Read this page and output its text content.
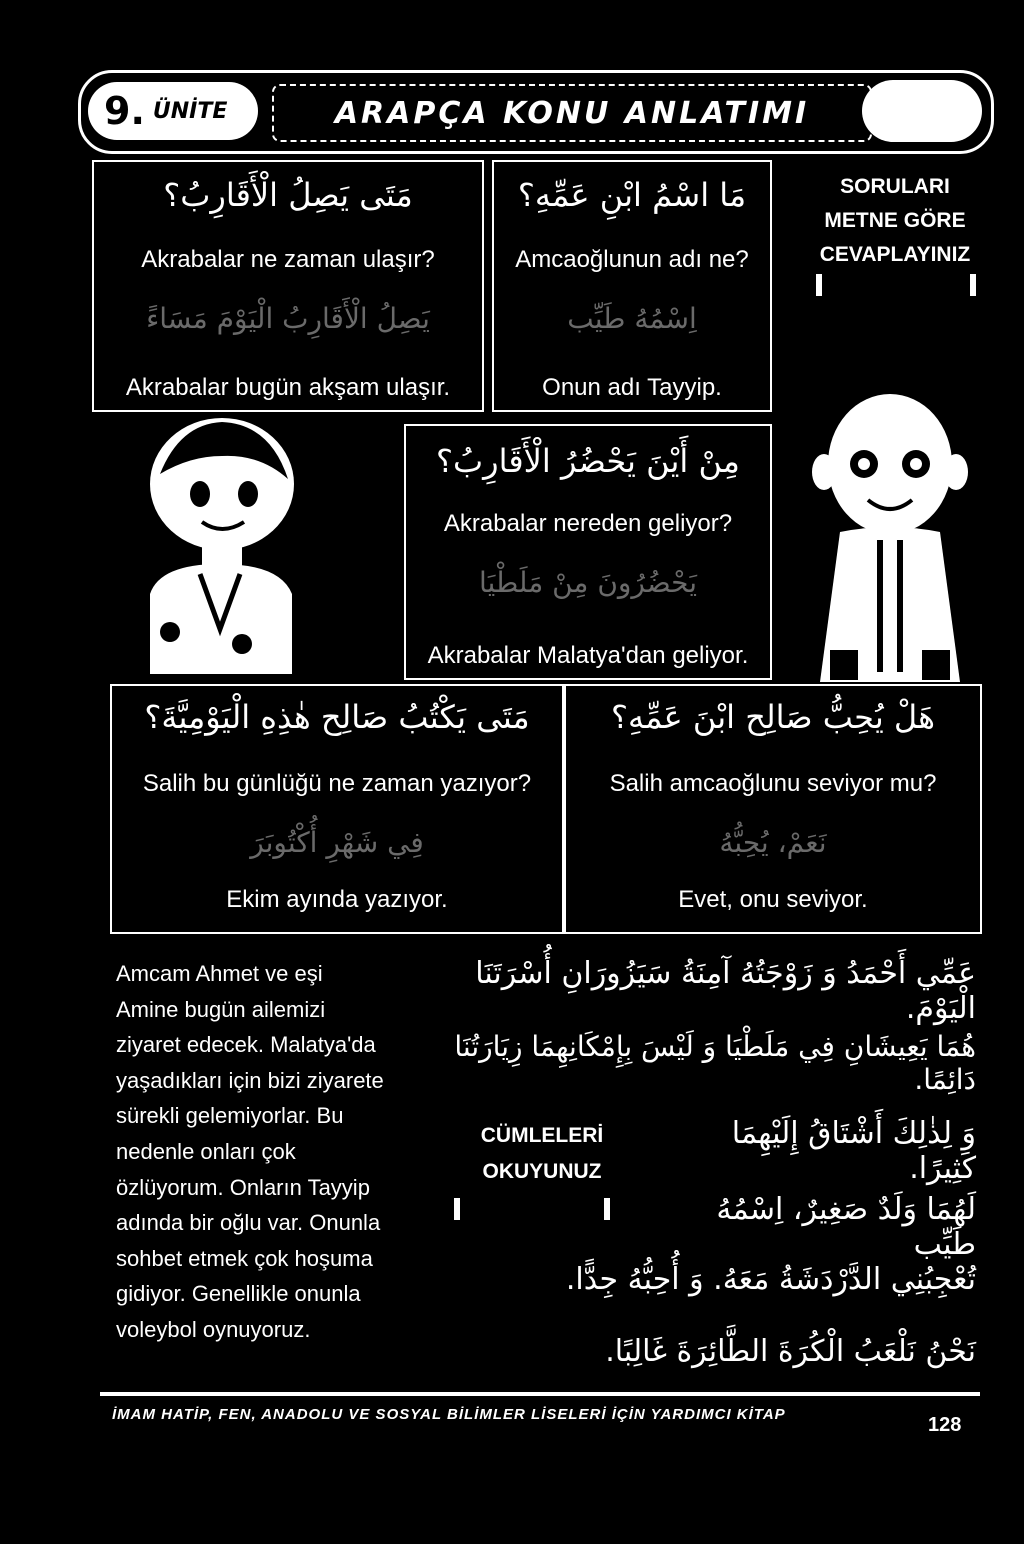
9. ÜNİTE	ARAPÇA KONU ANLATIMI
مَتَى يَصِلُ الْأَقَارِبُ؟
Akrabalar ne zaman ulaşır?
يَصِلُ الْأَقَارِبُ الْيَوْمَ مَسَاءً
Akrabalar bugün akşam ulaşır.
مَا اسْمُ ابْنِ عَمِّهِ؟
Amcaoğlunun adı ne?
اِسْمُهُ طَيِّب
Onun adı Tayyip.
SORULARI
METNE GÖRE
CEVAPLAYINIZ
مِنْ أَيْنَ يَحْضُرُ الْأَقَارِبُ؟
Akrabalar nereden geliyor?
يَحْضُرُونَ مِنْ مَلَطْيَا
Akrabalar Malatya'dan geliyor.
مَتَى يَكْتُبُ صَالِح هٰذِهِ الْيَوْمِيَّةَ؟
Salih bu günlüğü ne zaman yazıyor?
فِي شَهْرِ أُكْتُوبَرَ
Ekim ayında yazıyor.
هَلْ يُحِبُّ صَالِح ابْنَ عَمِّهِ؟
Salih amcaoğlunu seviyor mu?
نَعَمْ، يُحِبُّهُ
Evet, onu seviyor.
Amcam Ahmet ve eşi
Amine bugün ailemizi
ziyaret edecek. Malatya'da
yaşadıkları için bizi ziyarete
sürekli gelemiyorlar. Bu
nedenle onları çok
özlüyorum. Onların Tayyip
adında bir oğlu var. Onunla
sohbet etmek çok hoşuma
gidiyor. Genellikle onunla
voleybol oynuyoruz.
عَمِّي أَحْمَدُ وَ زَوْجَتُهُ آمِنَةُ سَيَزُورَانِ أُسْرَتَنَا الْيَوْمَ.
هُمَا يَعِيشَانِ فِي مَلَطْيَا وَ لَيْسَ بِإِمْكَانِهِمَا زِيَارَتُنَا دَائِمًا.
وَ لِذٰلِكَ أَشْتَاقُ إِلَيْهِمَا كَثِيرًا.
لَهُمَا وَلَدٌ صَغِيرٌ، اِسْمُهُ طَيِّب
تُعْجِبُنِي الدَّرْدَشَةُ مَعَهُ. وَ أُحِبُّهُ جِدًّا.
نَحْنُ نَلْعَبُ الْكُرَةَ الطَّائِرَةَ غَالِبًا.
CÜMLELERİ
OKUYUNUZ
İMAM HATİP, FEN, ANADOLU VE SOSYAL BİLİMLER LİSELERİ İÇİN YARDIMCI KİTAP	128
